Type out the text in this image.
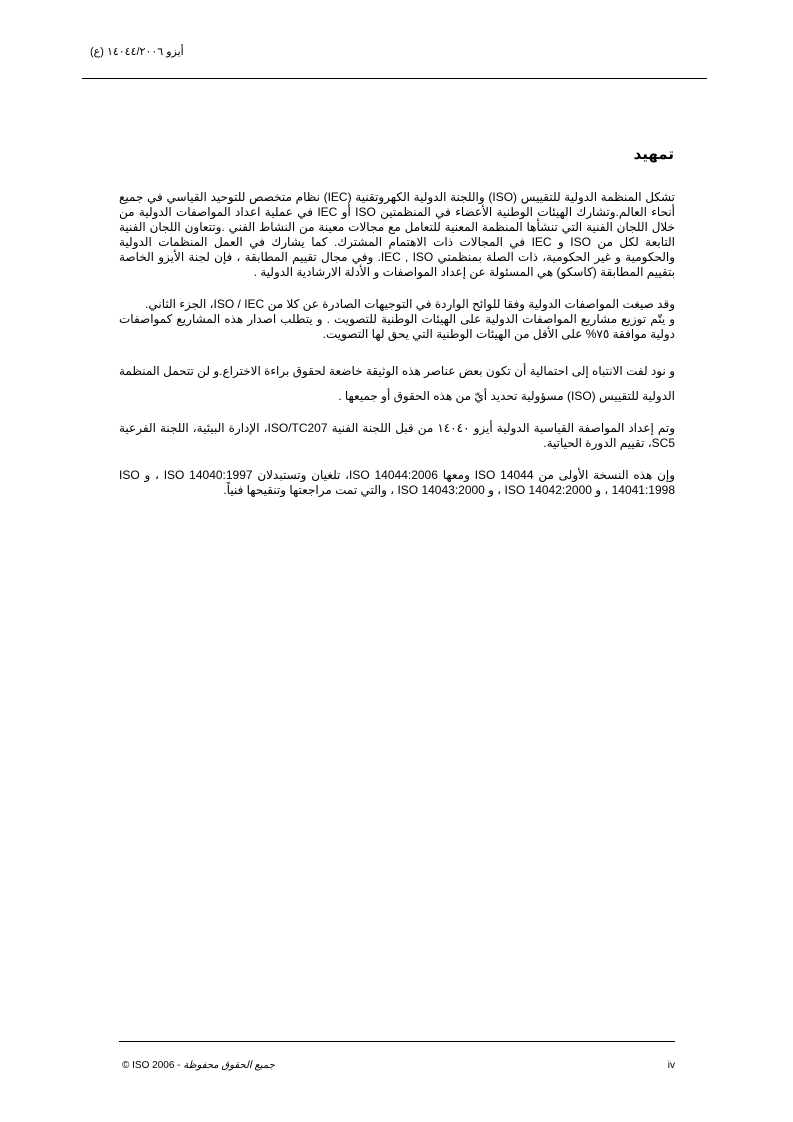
أيزو ١٤٠٤٤/٢٠٠٦ (ع)
تمهيد

تشكل المنظمة الدولية للتقييس (ISO) واللجنة الدولية الكهروتقنية (IEC) نظام متخصص للتوحيد القياسي في جميع أنحاء العالم.وتشارك الهيئات الوطنية الأعضاء في المنظمتين ISO أو IEC في عملية اعداد المواصفات الدولية من خلال اللجان الفنية التي تنشأها المنظمة المعنية للتعامل مع مجالات معينة من النشاط الفني .وتتعاون اللجان الفنية التابعة لكل من ISO و IEC في المجالات ذات الاهتمام المشترك. كما يشارك في العمل المنظمات الدولية والحكومية و غير الحكومية، ذات الصلة بمنظمتي IEC , ISO. وفي مجال تقييم المطابقة ، فإن لجنة الأيزو الخاصة بتقييم المطابقة (كاسكو) هي المسئولة عن إعداد المواصفات و الأدلة الارشادية الدولية .

وقد صيغت المواصفات الدولية وفقا للوائح الواردة في التوجيهات الصادرة عن كلا من ISO / IEC، الجزء الثاني.

و يتّم توزيع مشاريع المواصفات الدولية على الهيئات الوطنية للتصويت . و يتطلب اصدار هذه المشاريع كمواصفات دولية موافقة ٧٥% على الأقل من الهيئات الوطنية التي يحق لها التصويت.

و نود لفت الانتباه إلى احتمالية أن تكون بعض عناصر هذه الوثيقة خاضعة لحقوق براءة الاختراع.و لن تتحمل المنظمة الدولية للتقييس (ISO) مسؤولية تحديد أيّ من هذه الحقوق أو جميعها .

وتم إعداد المواصفة القياسية الدولية أيزو ١٤٠٤٠ من قبل اللجنة الفنية ISO/TC207، الإدارة البيئية، اللجنة الفرعية SC5، تقييم الدورة الحياتية.

وإن هذه النسخة الأولى من ISO 14044 ومعها ISO 14044:2006، تلغيان وتستبدلان ISO 14040:1997 ، و ISO 14041:1998 ، و ISO 14042:2000 ، و ISO 14043:2000 ، والتي تمت مراجعتها وتنقيحها فنياً.

© ISO 2006 - جميع الحقوق محفوظة	iv
